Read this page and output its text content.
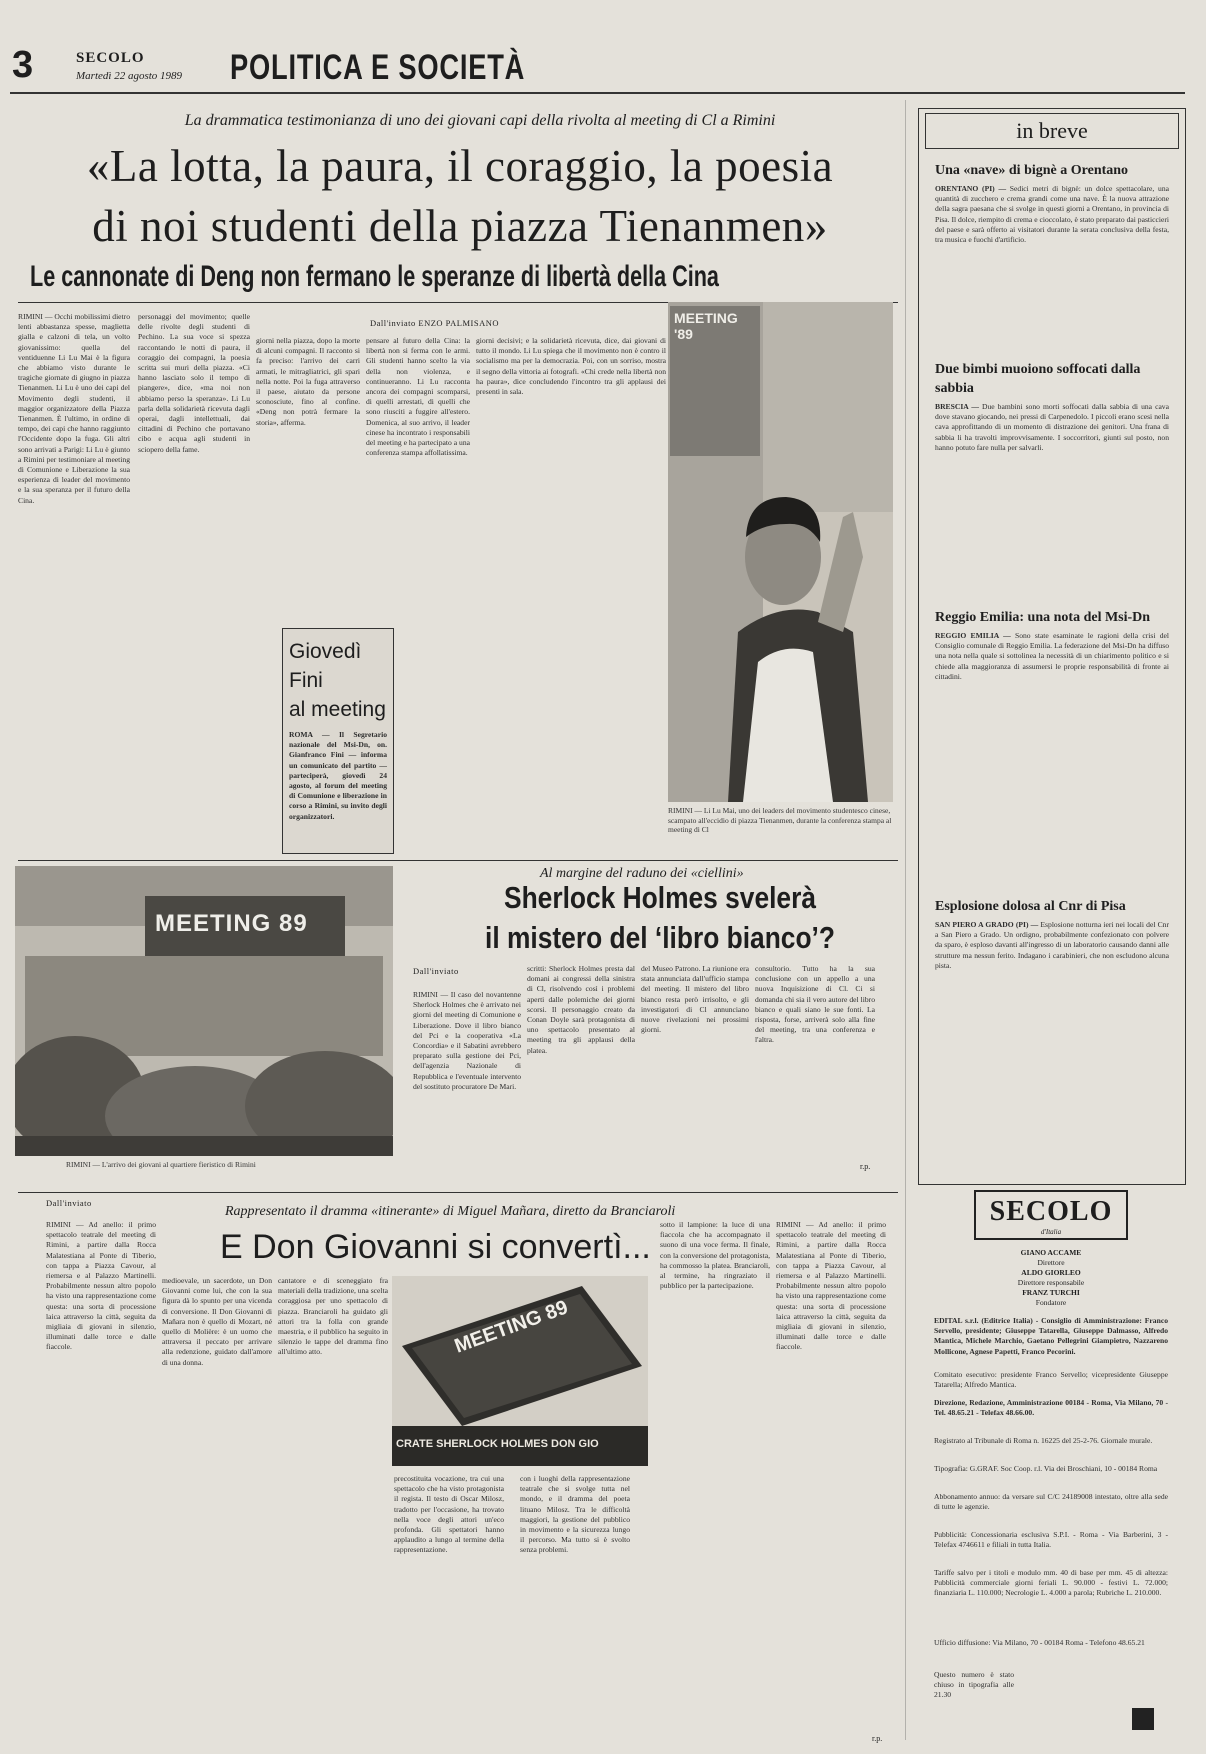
3	SECOLO
Martedì 22 agosto 1989 POLITICA E SOCIETÀ
La drammatica testimonianza di uno dei giovani capi della rivolta al meeting di Cl a Rimini
«La lotta, la paura, il coraggio, la poesia
di noi studenti della piazza Tienanmen»
Le cannonate di Deng non fermano le speranze di libertà della Cina
RIMINI — Occhi mobilissimi dietro lenti abbastanza spesse, maglietta gialla e calzoni di tela, un volto giovanissimo: quella del ventiduenne Li Lu Mai è la figura che abbiamo visto durante le tragiche giornate di giugno in piazza Tienanmen. Li Lu è uno dei capi del Movimento degli studenti, il maggior organizzatore della Piazza Tienanmen. È l'ultimo, in ordine di tempo, dei capi che hanno raggiunto l'Occidente dopo la fuga. Gli altri sono arrivati a Parigi: Li Lu è giunto a Rimini per testimoniare al meeting di Comunione e Liberazione la sua esperienza di leader del movimento e la sua speranza per il futuro della Cina.
personaggi del movimento; quelle delle rivolte degli studenti di Pechino. La sua voce si spezza raccontando le notti di paura, il coraggio dei compagni, la poesia scritta sui muri della piazza. «Ci hanno lasciato solo il tempo di piangere», dice, «ma noi non abbiamo perso la speranza». Li Lu parla della solidarietà ricevuta dagli operai, dagli intellettuali, dai cittadini di Pechino che portavano cibo e acqua agli studenti in sciopero della fame.
Dall'inviato ENZO PALMISANO
giorni nella piazza, dopo la morte di alcuni compagni. Il racconto si fa preciso: l'arrivo dei carri armati, le mitragliatrici, gli spari nella notte. Poi la fuga attraverso il paese, aiutato da persone sconosciute, fino al confine. «Deng non potrà fermare la storia», afferma.
pensare al futuro della Cina: la libertà non si ferma con le armi. Gli studenti hanno scelto la via della non violenza, e continueranno. Li Lu racconta ancora dei compagni scomparsi, di quelli arrestati, di quelli che sono riusciti a fuggire all'estero. Domenica, al suo arrivo, il leader cinese ha incontrato i responsabili del meeting e ha partecipato a una conferenza stampa affollatissima.
giorni decisivi; e la solidarietà ricevuta, dice, dai giovani di tutto il mondo. Li Lu spiega che il movimento non è contro il socialismo ma per la democrazia. Poi, con un sorriso, mostra il segno della vittoria ai fotografi. «Chi crede nella libertà non ha paura», dice concludendo l'incontro tra gli applausi dei presenti in sala.
Giovedì
Fini
al meeting
ROMA — Il Segretario nazionale del Msi-Dn, on. Gianfranco Fini — informa un comunicato del partito — parteciperà, giovedì 24 agosto, al forum del meeting di Comunione e liberazione in corso a Rimini, su invito degli organizzatori.
MEETING '89
RIMINI — Li Lu Mai, uno dei leaders del movimento studentesco cinese, scampato all'eccidio di piazza Tienanmen, durante la conferenza stampa al meeting di Cl
MEETING 89
RIMINI — L'arrivo dei giovani al quartiere fieristico di Rimini
Al margine del raduno dei «ciellini»
Sherlock Holmes svelerà
il mistero del ‘libro bianco’?
Dall'inviato
RIMINI — Il caso del novantenne Sherlock Holmes che è arrivato nei giorni del meeting di Comunione e Liberazione. Dove il libro bianco del Pci e la cooperativa «La Concordia» e il Sabatini avrebbero preparato sulla gestione dei Pci, dell'agenzia Nazionale di Repubblica e l'eventuale intervento del sostituto procuratore De Mari.
scritti: Sherlock Holmes presta dal domani ai congressi della sinistra di Cl, risolvendo così i problemi aperti dalle polemiche dei giorni scorsi. Il personaggio creato da Conan Doyle sarà protagonista di uno spettacolo presentato al meeting tra gli applausi della platea.
del Museo Patrono. La riunione era stata annunciata dall'ufficio stampa del meeting. Il mistero del libro bianco resta però irrisolto, e gli investigatori di Cl annunciano nuove rivelazioni nei prossimi giorni.
consultorio. Tutto ha la sua conclusione con un appello a una nuova Inquisizione di Cl. Ci si domanda chi sia il vero autore del libro bianco e quali siano le sue fonti. La risposta, forse, arriverà solo alla fine del meeting, tra una conferenza e l'altra.
r.p.
Dall'inviato
Rappresentato il dramma «itinerante» di Miguel Mañara, diretto da Branciaroli
E Don Giovanni si convertì...
RIMINI — Ad anello: il primo spettacolo teatrale del meeting di Rimini, a partire dalla Rocca Malatestiana al Ponte di Tiberio, con tappa a Piazza Cavour, al riemersa e al Palazzo Martinelli. Probabilmente nessun altro popolo ha visto una rappresentazione come questa: una sorta di processione laica attraverso la città, seguita da migliaia di giovani in silenzio, illuminati dalle torce e dalle fiaccole.
medioevale, un sacerdote, un Don Giovanni come lui, che con la sua figura dà lo spunto per una vicenda di conversione. Il Don Giovanni di Mañara non è quello di Mozart, né quello di Molière: è un uomo che attraversa il peccato per arrivare alla redenzione, guidato dall'amore di una donna.
cantatore e di sceneggiato fra materiali della tradizione, una scelta coraggiosa per uno spettacolo di piazza. Branciaroli ha guidato gli attori tra la folla con grande maestria, e il pubblico ha seguito in silenzio le tappe del dramma fino all'ultimo atto.	MEETING 89
CRATE SHERLOCK HOLMES DON GIO
precostituita vocazione, tra cui una spettacolo che ha visto protagonista il regista. Il testo di Oscar Milosz, tradotto per l'occasione, ha trovato nella voce degli attori un'eco profonda. Gli spettatori hanno applaudito a lungo al termine della rappresentazione.
con i luoghi della rappresentazione teatrale che si svolge tutta nel mondo, e il dramma del poeta lituano Milosz. Tra le difficoltà maggiori, la gestione del pubblico in movimento e la sicurezza lungo il percorso. Ma tutto si è svolto senza problemi.
sotto il lampione: la luce di una fiaccola che ha accompagnato il suono di una voce ferma. Il finale, con la conversione del protagonista, ha commosso la platea. Branciaroli, al termine, ha ringraziato il pubblico per la partecipazione.
RIMINI — Ad anello: il primo spettacolo teatrale del meeting di Rimini, a partire dalla Rocca Malatestiana al Ponte di Tiberio, con tappa a Piazza Cavour, al riemersa e al Palazzo Martinelli. Probabilmente nessun altro popolo ha visto una rappresentazione come questa: una sorta di processione laica attraverso la città, seguita da migliaia di giovani in silenzio, illuminati dalle torce e dalle fiaccole.
r.p.
in breve
Una «nave» di bignè a Orentano
ORENTANO (PI) — Sedici metri di bignè: un dolce spettacolare, una quantità di zucchero e crema grandi come una nave. È la nuova attrazione della sagra paesana che si svolge in questi giorni a Orentano, in provincia di Pisa. Il dolce, riempito di crema e cioccolato, è stato preparato dai pasticcieri del paese e sarà offerto ai visitatori durante la serata conclusiva della festa, tra musica e fuochi d'artificio.
Due bimbi muoiono soffocati dalla sabbia
BRESCIA — Due bambini sono morti soffocati dalla sabbia di una cava dove stavano giocando, nei pressi di Carpenedolo. I piccoli erano scesi nella cava approfittando di un momento di distrazione dei genitori. Una frana di sabbia li ha travolti improvvisamente. I soccorritori, giunti sul posto, non hanno potuto fare nulla per salvarli.
Reggio Emilia: una nota del Msi-Dn
REGGIO EMILIA — Sono state esaminate le ragioni della crisi del Consiglio comunale di Reggio Emilia. La federazione del Msi-Dn ha diffuso una nota nella quale si sottolinea la necessità di un chiarimento politico e si chiede alla maggioranza di assumersi le proprie responsabilità di fronte ai cittadini.
Esplosione dolosa al Cnr di Pisa
SAN PIERO A GRADO (PI) — Esplosione notturna ieri nei locali del Cnr a San Piero a Grado. Un ordigno, probabilmente confezionato con polvere da sparo, è esploso davanti all'ingresso di un laboratorio causando danni alle strutture ma nessun ferito. Indagano i carabinieri, che non escludono alcuna pista.
SECOLO
d'Italia
GIANO ACCAME
Direttore
ALDO GIORLEO
Direttore responsabile
FRANZ TURCHI
Fondatore
EDITAL s.r.l. (Editrice Italia) - Consiglio di Amministrazione: Franco Servello, presidente; Giuseppe Tatarella, Giuseppe Dalmasso, Alfredo Mantica, Michele Marchio, Gaetano Pellegrini Giampietro, Nazzareno Mollicone, Agnese Papetti, Franco Pecorini.
Comitato esecutivo: presidente Franco Servello; vicepresidente Giuseppe Tatarella; Alfredo Mantica.
Direzione, Redazione, Amministrazione 00184 - Roma, Via Milano, 70 - Tel. 48.65.21 - Telefax 48.66.00.
Registrato al Tribunale di Roma n. 16225 del 25-2-76. Giornale murale.
Tipografia: G.GRAF. Soc Coop. r.l. Via dei Broschiani, 10 - 00184 Roma
Abbonamento annuo: da versare sul C/C 24189008 intestato, oltre alla sede di tutte le agenzie.
Pubblicità: Concessionaria esclusiva S.P.I. - Roma - Via Barberini, 3 - Telefax 4746611 e filiali in tutta Italia.
Tariffe salvo per i titoli e modulo mm. 40 di base per mm. 45 di altezza: Pubblicità commerciale giorni feriali L. 90.000 - festivi L. 72.000; finanziaria L. 110.000; Necrologie L. 4.000 a parola; Rubriche L. 210.000.
Ufficio diffusione: Via Milano, 70 - 00184 Roma - Telefono 48.65.21
Questo numero è stato chiuso in tipografia alle 21.30
